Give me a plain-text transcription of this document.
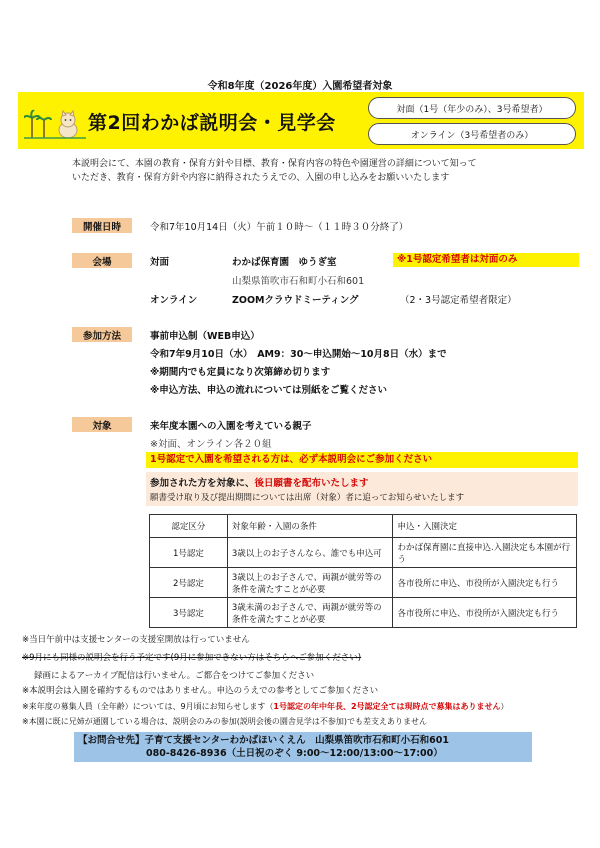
令和8年度（2026年度）入園希望者対象
第2回わかば説明会・見学会
対面（1号（年少のみ）、3号希望者）
オンライン（3号希望者のみ）
本説明会にて、本園の教育・保育方針や目標、教育・保育内容の特色や園運営の詳細について知って
いただき、教育・保育方針や内容に納得されたうえでの、入園の申し込みをお願いいたします
開催日時	令和7年10月14日（火）午前１０時～（１１時３０分終了）
会場	対面	わかば保育園　ゆうぎ室	※1号認定希望者は対面のみ
山梨県笛吹市石和町小石和601
オンライン	ZOOMクラウドミーティング	（2・3号認定希望者限定）
参加方法	事前申込制（WEB申込）
令和7年9月10日（水）　AM9：30～申込開始～10月8日（水）まで
※期間内でも定員になり次第締め切ります
※申込方法、申込の流れについては別紙をご覧ください
対象	来年度本園への入園を考えている親子
※対面、オンライン各２０組
1号認定で入園を希望される方は、必ず本説明会にご参加ください
参加された方を対象に、後日願書を配布いたします
願書受け取り及び提出期間については出席（対象）者に追ってお知らせいたします
認定区分	対象年齢・入園の条件	申込・入園決定
1号認定	3歳以上のお子さんなら、誰でも申込可	わかば保育園に直接申込.入園決定も本園が行う
2号認定	3歳以上のお子さんで、両親が就労等の条件を満たすことが必要	各市役所に申込、市役所が入園決定も行う
3号認定	3歳未満のお子さんで、両親が就労等の条件を満たすことが必要	各市役所に申込、市役所が入園決定も行う
※当日午前中は支援センターの支援室開放は行っていません
※9月にも同様の説明会を行う予定です(9月に参加できない方はそちらへご参加ください)
録画によるアーカイブ配信は行いません。ご都合をつけてご参加ください
※本説明会は入園を確約するものではありません。申込のうえでの参考としてご参加ください
※来年度の募集人員（全年齢）については、9月頃にお知らせします（1号認定の年中年長、2号認定全ては現時点で募集はありません）
※本園に既に兄姉が通園している場合は、説明会のみの参加(説明会後の園舎見学は不参加)でも差支えありません
【お問合せ先】子育て支援センターわかばほいくえん　山梨県笛吹市石和町小石和601
080-8426-8936（土日祝のぞく 9:00～12:00/13:00～17:00）
